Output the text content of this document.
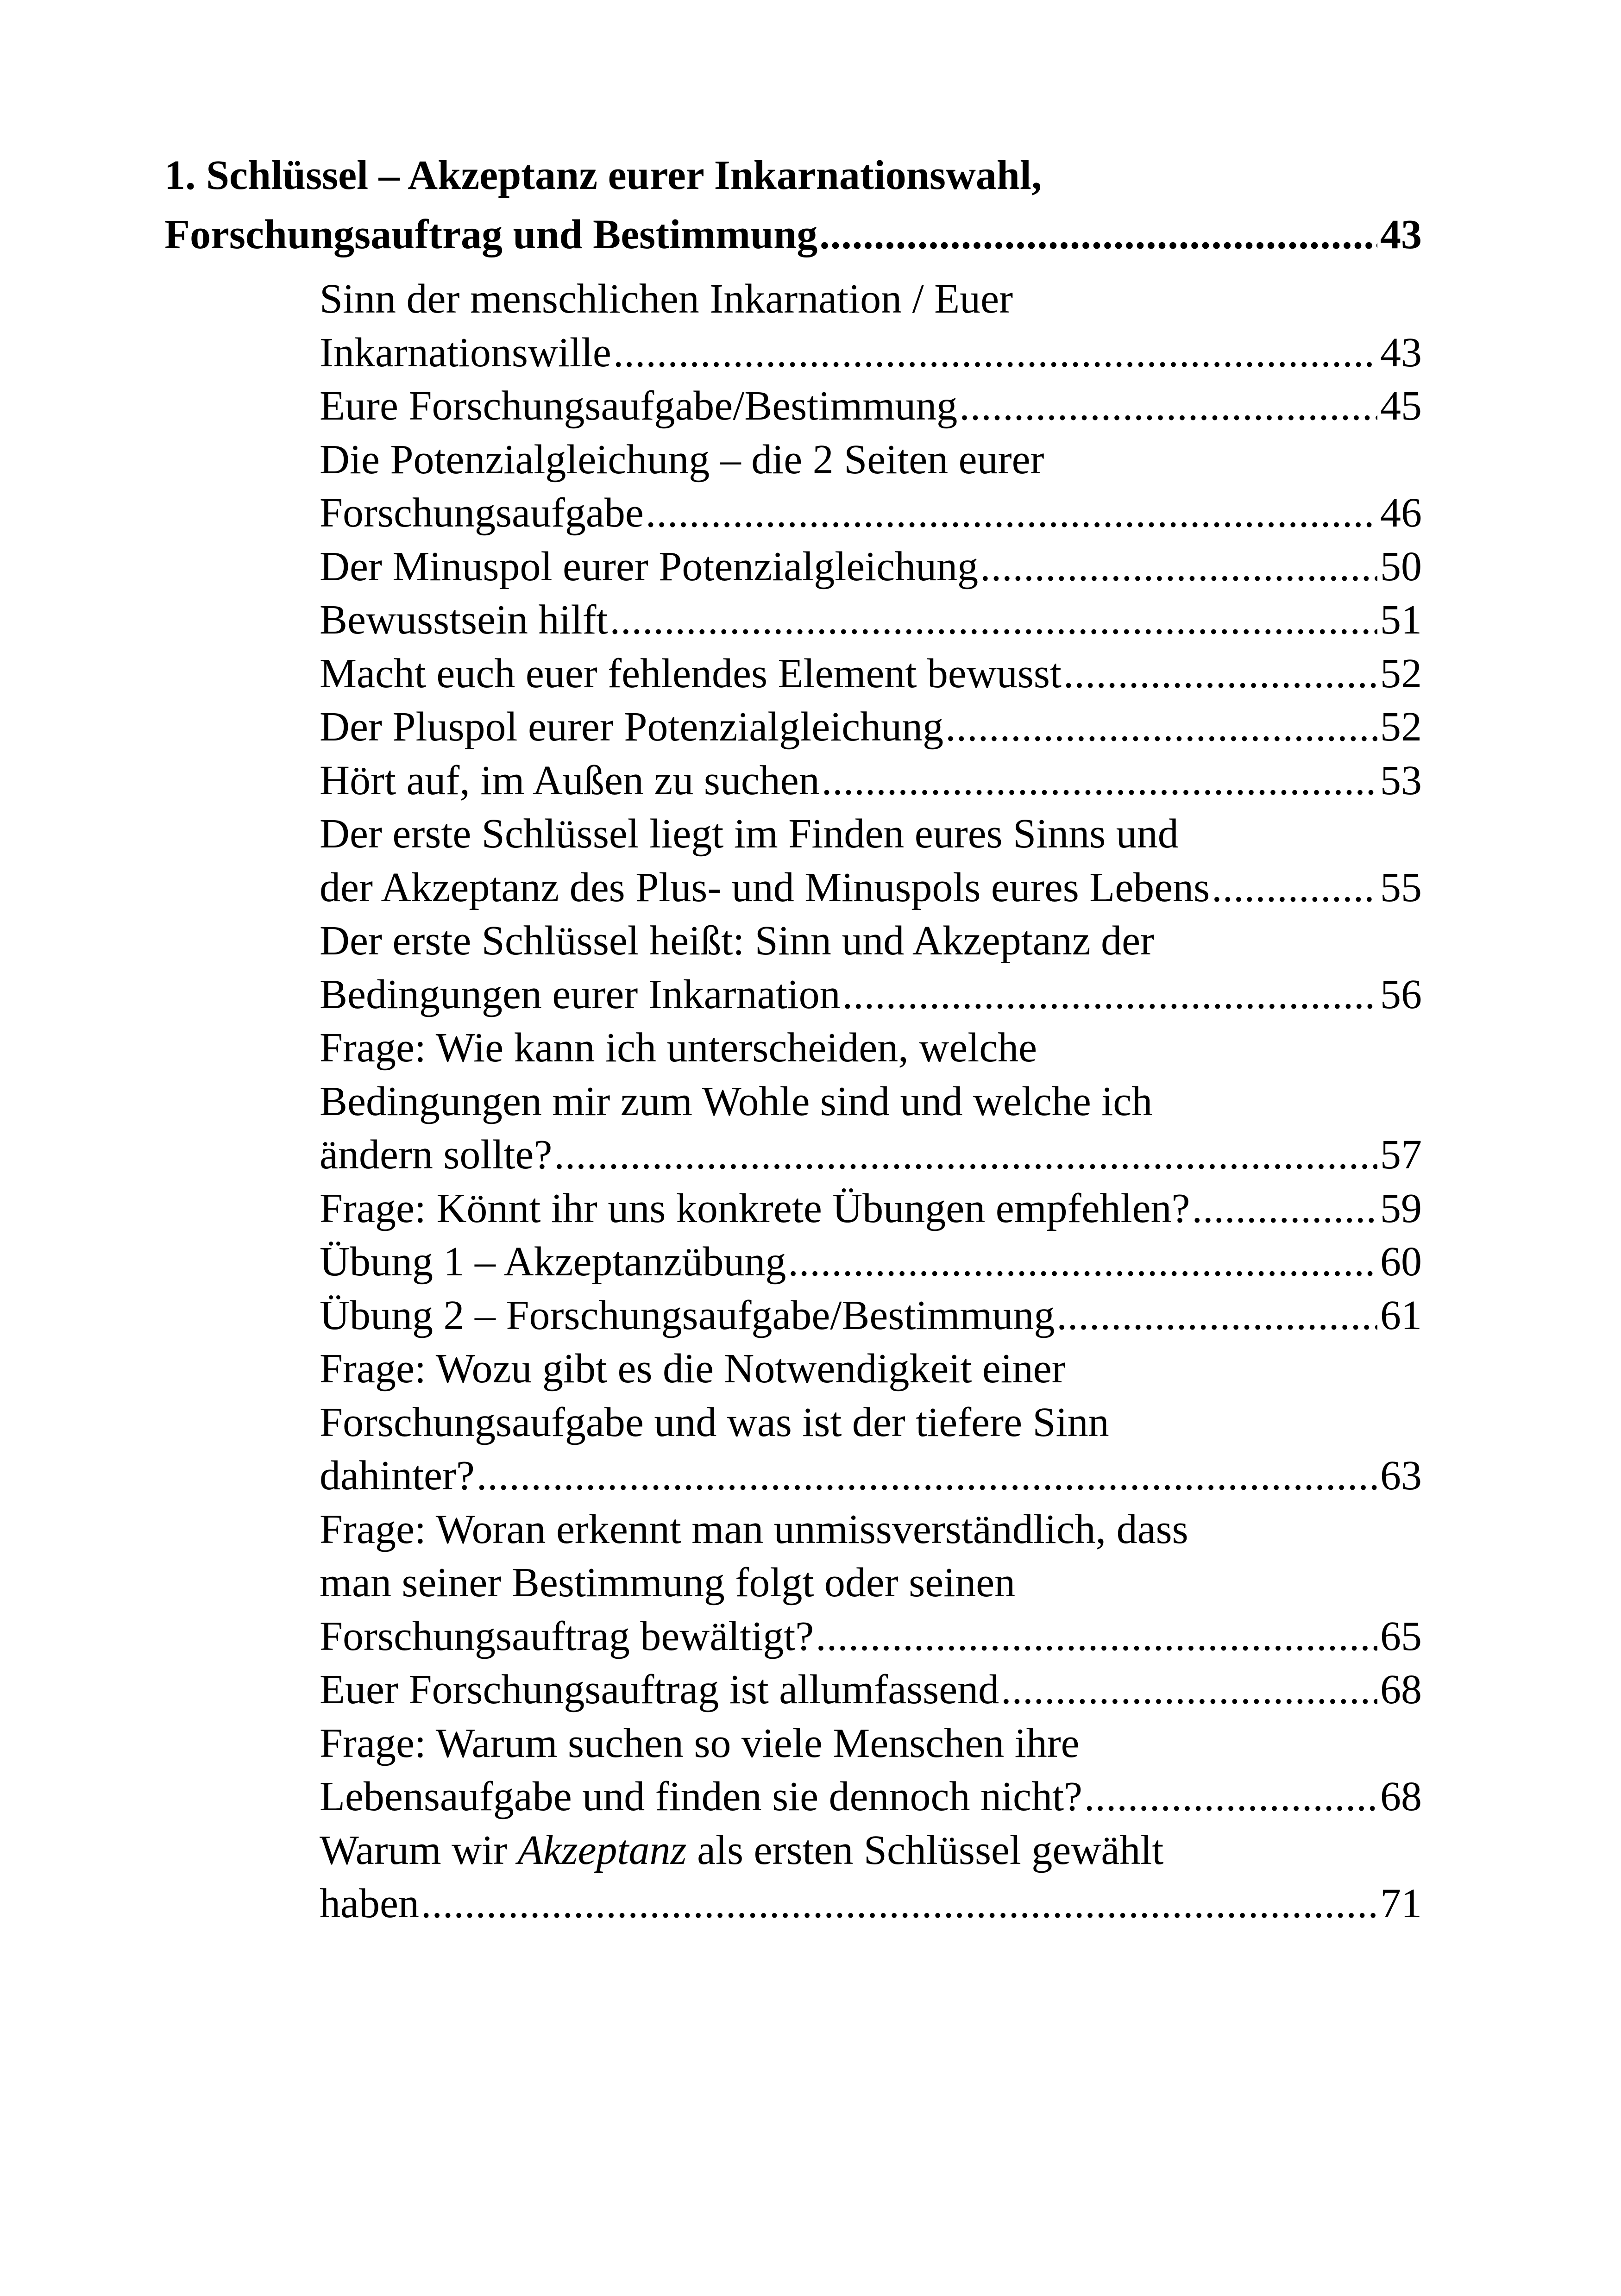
1. Schlüssel – Akzeptanz eurer Inkarnationswahl,
Forschungsauftrag und Bestimmung .....	43
Sinn der menschlichen Inkarnation / Euer
Inkarnationswille .....	43
Eure Forschungsaufgabe/Bestimmung .....	45
Die Potenzialgleichung – die 2 Seiten eurer
Forschungsaufgabe .....	46
Der Minuspol eurer Potenzialgleichung .....	50
Bewusstsein hilft .....	51
Macht euch euer fehlendes Element bewusst .....	52
Der Pluspol eurer Potenzialgleichung .....	52
Hört auf, im Außen zu suchen .....	53
Der erste Schlüssel liegt im Finden eures Sinns und
der Akzeptanz des Plus- und Minuspols eures Lebens .....	55
Der erste Schlüssel heißt: Sinn und Akzeptanz der
Bedingungen eurer Inkarnation .....	56
Frage: Wie kann ich unterscheiden, welche
Bedingungen mir zum Wohle sind und welche ich
ändern sollte? .....	57
Frage: Könnt ihr uns konkrete Übungen empfehlen? .....	59
Übung 1 – Akzeptanzübung .....	60
Übung 2 – Forschungsaufgabe/Bestimmung .....	61
Frage: Wozu gibt es die Notwendigkeit einer
Forschungsaufgabe und was ist der tiefere Sinn
dahinter? .....	63
Frage: Woran erkennt man unmissverständlich, dass
man seiner Bestimmung folgt oder seinen
Forschungsauftrag bewältigt? .....	65
Euer Forschungsauftrag ist allumfassend .....	68
Frage: Warum suchen so viele Menschen ihre
Lebensaufgabe und finden sie dennoch nicht? .....	68
Warum wir Akzeptanz als ersten Schlüssel gewählt
haben .....	71
